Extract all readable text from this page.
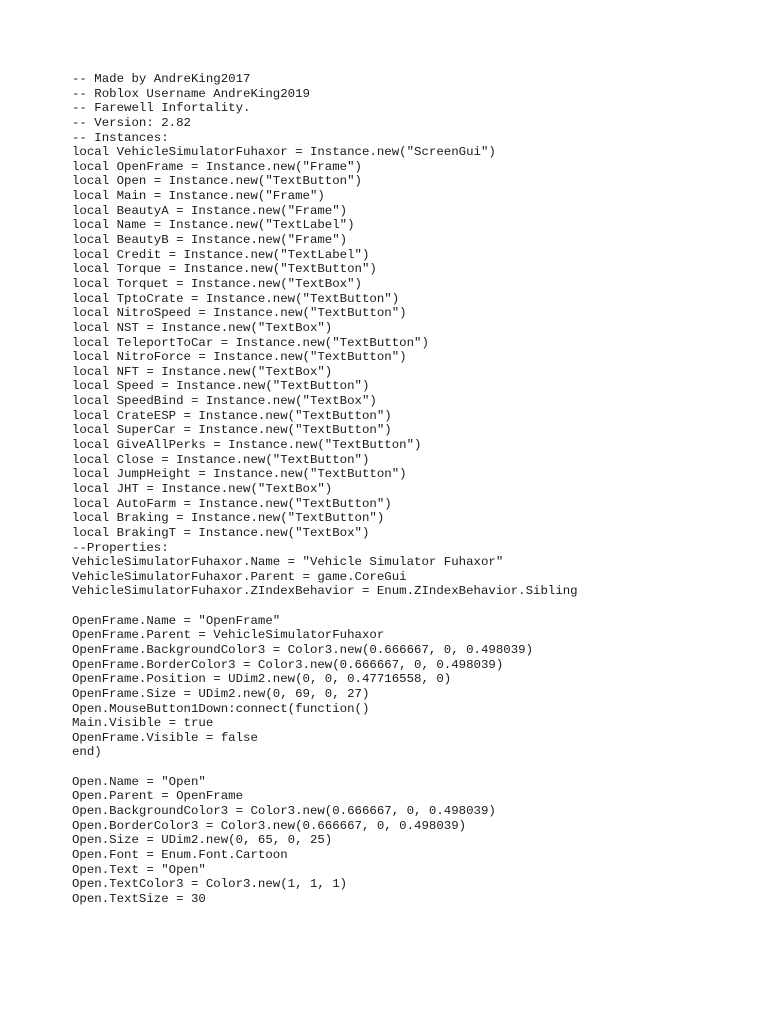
-- Made by AndreKing2017
-- Roblox Username AndreKing2019
-- Farewell Infortality.
-- Version: 2.82
-- Instances:
local VehicleSimulatorFuhaxor = Instance.new("ScreenGui")
local OpenFrame = Instance.new("Frame")
local Open = Instance.new("TextButton")
local Main = Instance.new("Frame")
local BeautyA = Instance.new("Frame")
local Name = Instance.new("TextLabel")
local BeautyB = Instance.new("Frame")
local Credit = Instance.new("TextLabel")
local Torque = Instance.new("TextButton")
local Torquet = Instance.new("TextBox")
local TptoCrate = Instance.new("TextButton")
local NitroSpeed = Instance.new("TextButton")
local NST = Instance.new("TextBox")
local TeleportToCar = Instance.new("TextButton")
local NitroForce = Instance.new("TextButton")
local NFT = Instance.new("TextBox")
local Speed = Instance.new("TextButton")
local SpeedBind = Instance.new("TextBox")
local CrateESP = Instance.new("TextButton")
local SuperCar = Instance.new("TextButton")
local GiveAllPerks = Instance.new("TextButton")
local Close = Instance.new("TextButton")
local JumpHeight = Instance.new("TextButton")
local JHT = Instance.new("TextBox")
local AutoFarm = Instance.new("TextButton")
local Braking = Instance.new("TextButton")
local BrakingT = Instance.new("TextBox")
--Properties:
VehicleSimulatorFuhaxor.Name = "Vehicle Simulator Fuhaxor"
VehicleSimulatorFuhaxor.Parent = game.CoreGui
VehicleSimulatorFuhaxor.ZIndexBehavior = Enum.ZIndexBehavior.Sibling
OpenFrame.Name = "OpenFrame"
OpenFrame.Parent = VehicleSimulatorFuhaxor
OpenFrame.BackgroundColor3 = Color3.new(0.666667, 0, 0.498039)
OpenFrame.BorderColor3 = Color3.new(0.666667, 0, 0.498039)
OpenFrame.Position = UDim2.new(0, 0, 0.47716558, 0)
OpenFrame.Size = UDim2.new(0, 69, 0, 27)
Open.MouseButton1Down:connect(function()
Main.Visible = true
OpenFrame.Visible = false
end)
Open.Name = "Open"
Open.Parent = OpenFrame
Open.BackgroundColor3 = Color3.new(0.666667, 0, 0.498039)
Open.BorderColor3 = Color3.new(0.666667, 0, 0.498039)
Open.Size = UDim2.new(0, 65, 0, 25)
Open.Font = Enum.Font.Cartoon
Open.Text = "Open"
Open.TextColor3 = Color3.new(1, 1, 1)
Open.TextSize = 30
